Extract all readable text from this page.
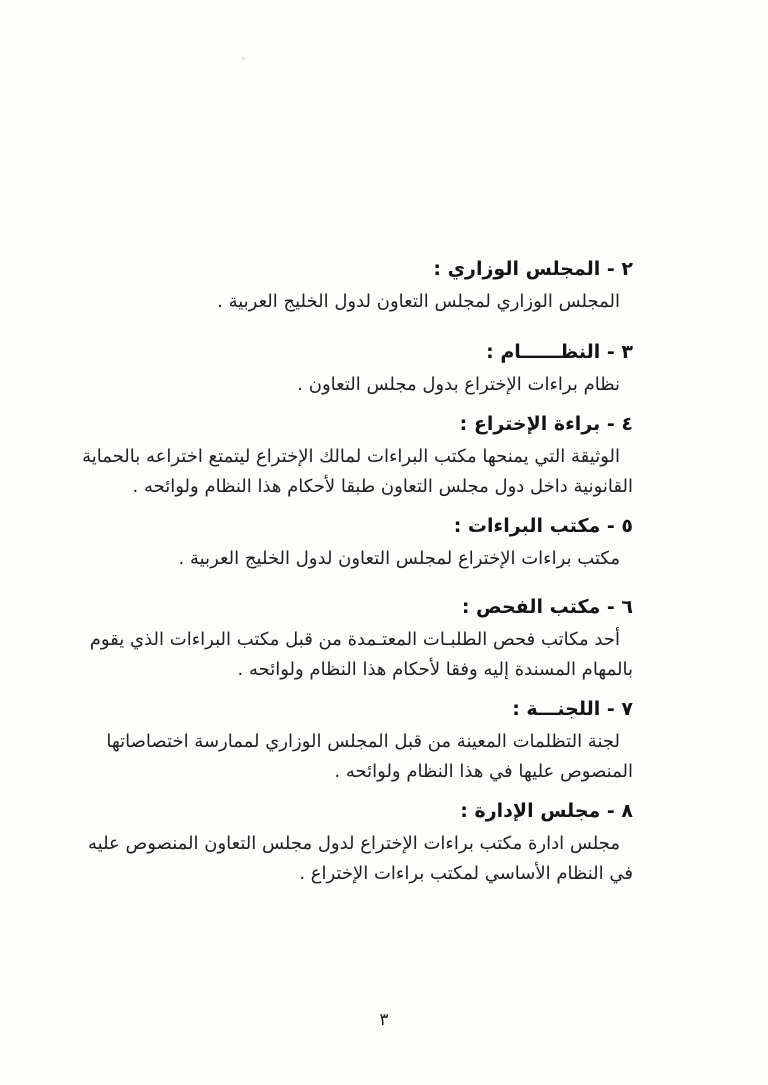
٢ - المجلس الوزاري :
المجلس الوزاري لمجلس التعاون لدول الخليج العربية .
٣ - النظــــــام :
نظام براءات الإختراع بدول مجلس التعاون .
٤ - براءة الإختراع :
الوثيقة التي يمنحها مكتب البراءات لمالك الإختراع ليتمتع اختراعه بالحماية
القانونية داخل دول مجلس التعاون طبقا لأحكام هذا النظام ولوائحه .
٥ - مكتب البراءات :
مكتب براءات الإختراع لمجلس التعاون لدول الخليج العربية .
٦ - مكتب الفحص :
أحد مكاتب فحص الطلبـات المعتـمدة من قبل مكتب البراءات الذي يقوم
بالمهام المسندة إليه وفقا لأحكام هذا النظام ولوائحه .
٧ - اللجنـــة :
لجنة التظلمات المعينة من قبل المجلس الوزاري لممارسة اختصاصاتها
المنصوص عليها في هذا النظام ولوائحه .
٨ - مجلس الإدارة :
مجلس ادارة مكتب براءات الإختراع لدول مجلس التعاون المنصوص عليه
في النظام الأساسي لمكتب براءات الإختراع .
٣
